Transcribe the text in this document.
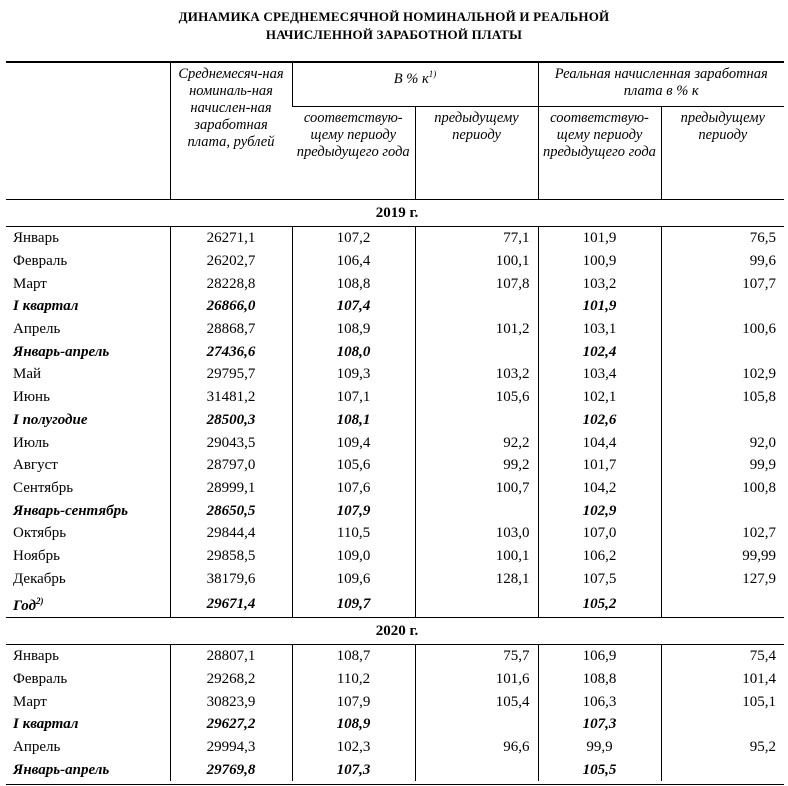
ДИНАМИКА СРЕДНЕМЕСЯЧНОЙ НОМИНАЛЬНОЙ И РЕАЛЬНОЙ
НАЧИСЛЕННОЙ ЗАРАБОТНОЙ ПЛАТЫ
	Среднемесяч-ная номиналь-ная начислен-ная заработная плата, рублей	В % $к^{1)}$		Реальная начисленная заработная плата в % к	
		соответствую-щему периоду предыдущего года	предыдущему периоду	соответствую-щему периоду предыдущего года	предыдущему периоду
2019 г.					
Январь	26271,1	107,2	77,1	101,9	76,5
Февраль	26202,7	106,4	100,1	100,9	99,6
Март	28228,8	108,8	107,8	103,2	107,7
I квартал	26866,0	107,4		101,9	
Апрель	28868,7	108,9	101,2	103,1	100,6
Январь-апрель	27436,6	108,0		102,4	
Май	29795,7	109,3	103,2	103,4	102,9
Июнь	31481,2	107,1	105,6	102,1	105,8
I полугодие	28500,3	108,1		102,6	
Июль	29043,5	109,4	92,2	104,4	92,0
Август	28797,0	105,6	99,2	101,7	99,9
Сентябрь	28999,1	107,6	100,7	104,2	100,8
Январь-сентябрь	28650,5	107,9		102,9	
Октябрь	29844,4	110,5	103,0	107,0	102,7
Ноябрь	29858,5	109,0	100,1	106,2	99,99
Декабрь	38179,6	109,6	128,1	107,5	127,9
Год$^{2)}$	29671,4	109,7		105,2	
2020 г.					
Январь	28807,1	108,7	75,7	106,9	75,4
Февраль	29268,2	110,2	101,6	108,8	101,4
Март	30823,9	107,9	105,4	106,3	105,1
I квартал	29627,2	108,9		107,3	
Апрель	29994,3	102,3	96,6	99,9	95,2
Январь-апрель	29769,8	107,3		105,5	
